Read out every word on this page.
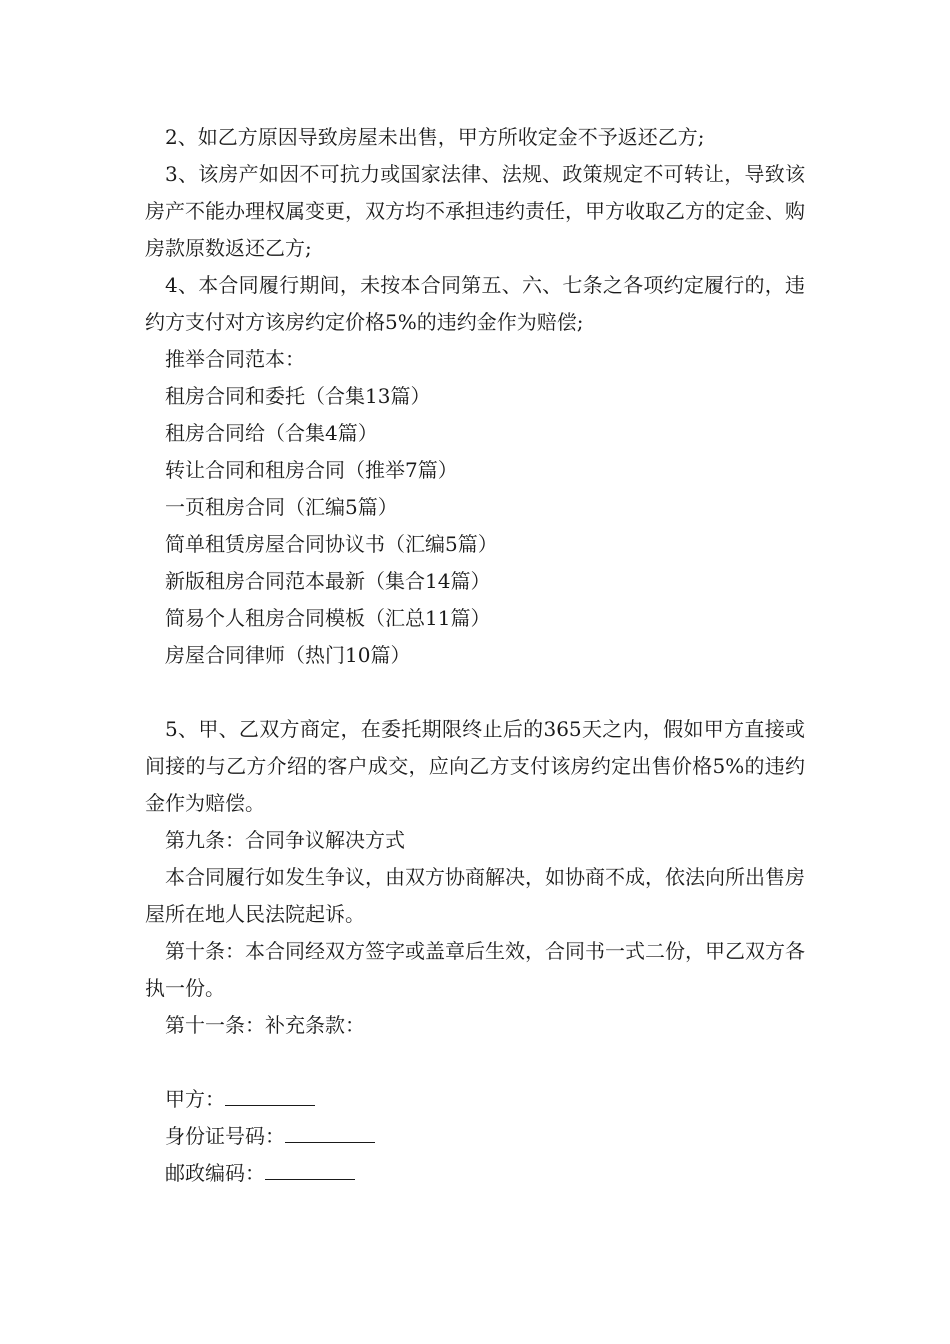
2、如乙方原因导致房屋未出售，甲方所收定金不予返还乙方;

3、该房产如因不可抗力或国家法律、法规、政策规定不可转让，导致该房产不能办理权属变更，双方均不承担违约责任，甲方收取乙方的定金、购房款原数返还乙方;

4、本合同履行期间，未按本合同第五、六、七条之各项约定履行的，违约方支付对方该房约定价格5%的违约金作为赔偿;

推举合同范本：

租房合同和委托（合集13篇）
租房合同给（合集4篇）
转让合同和租房合同（推举7篇）
一页租房合同（汇编5篇）
简单租赁房屋合同协议书（汇编5篇）
新版租房合同范本最新（集合14篇）
简易个人租房合同模板（汇总11篇）
房屋合同律师（热门10篇）

5、甲、乙双方商定，在委托期限终止后的365天之内，假如甲方直接或间接的与乙方介绍的客户成交，应向乙方支付该房约定出售价格5%的违约金作为赔偿。

第九条：合同争议解决方式

本合同履行如发生争议，由双方协商解决，如协商不成，依法向所出售房屋所在地人民法院起诉。

第十条：本合同经双方签字或盖章后生效，合同书一式二份，甲乙双方各执一份。

第十一条：补充条款：

甲方：

身份证号码：

邮政编码：
